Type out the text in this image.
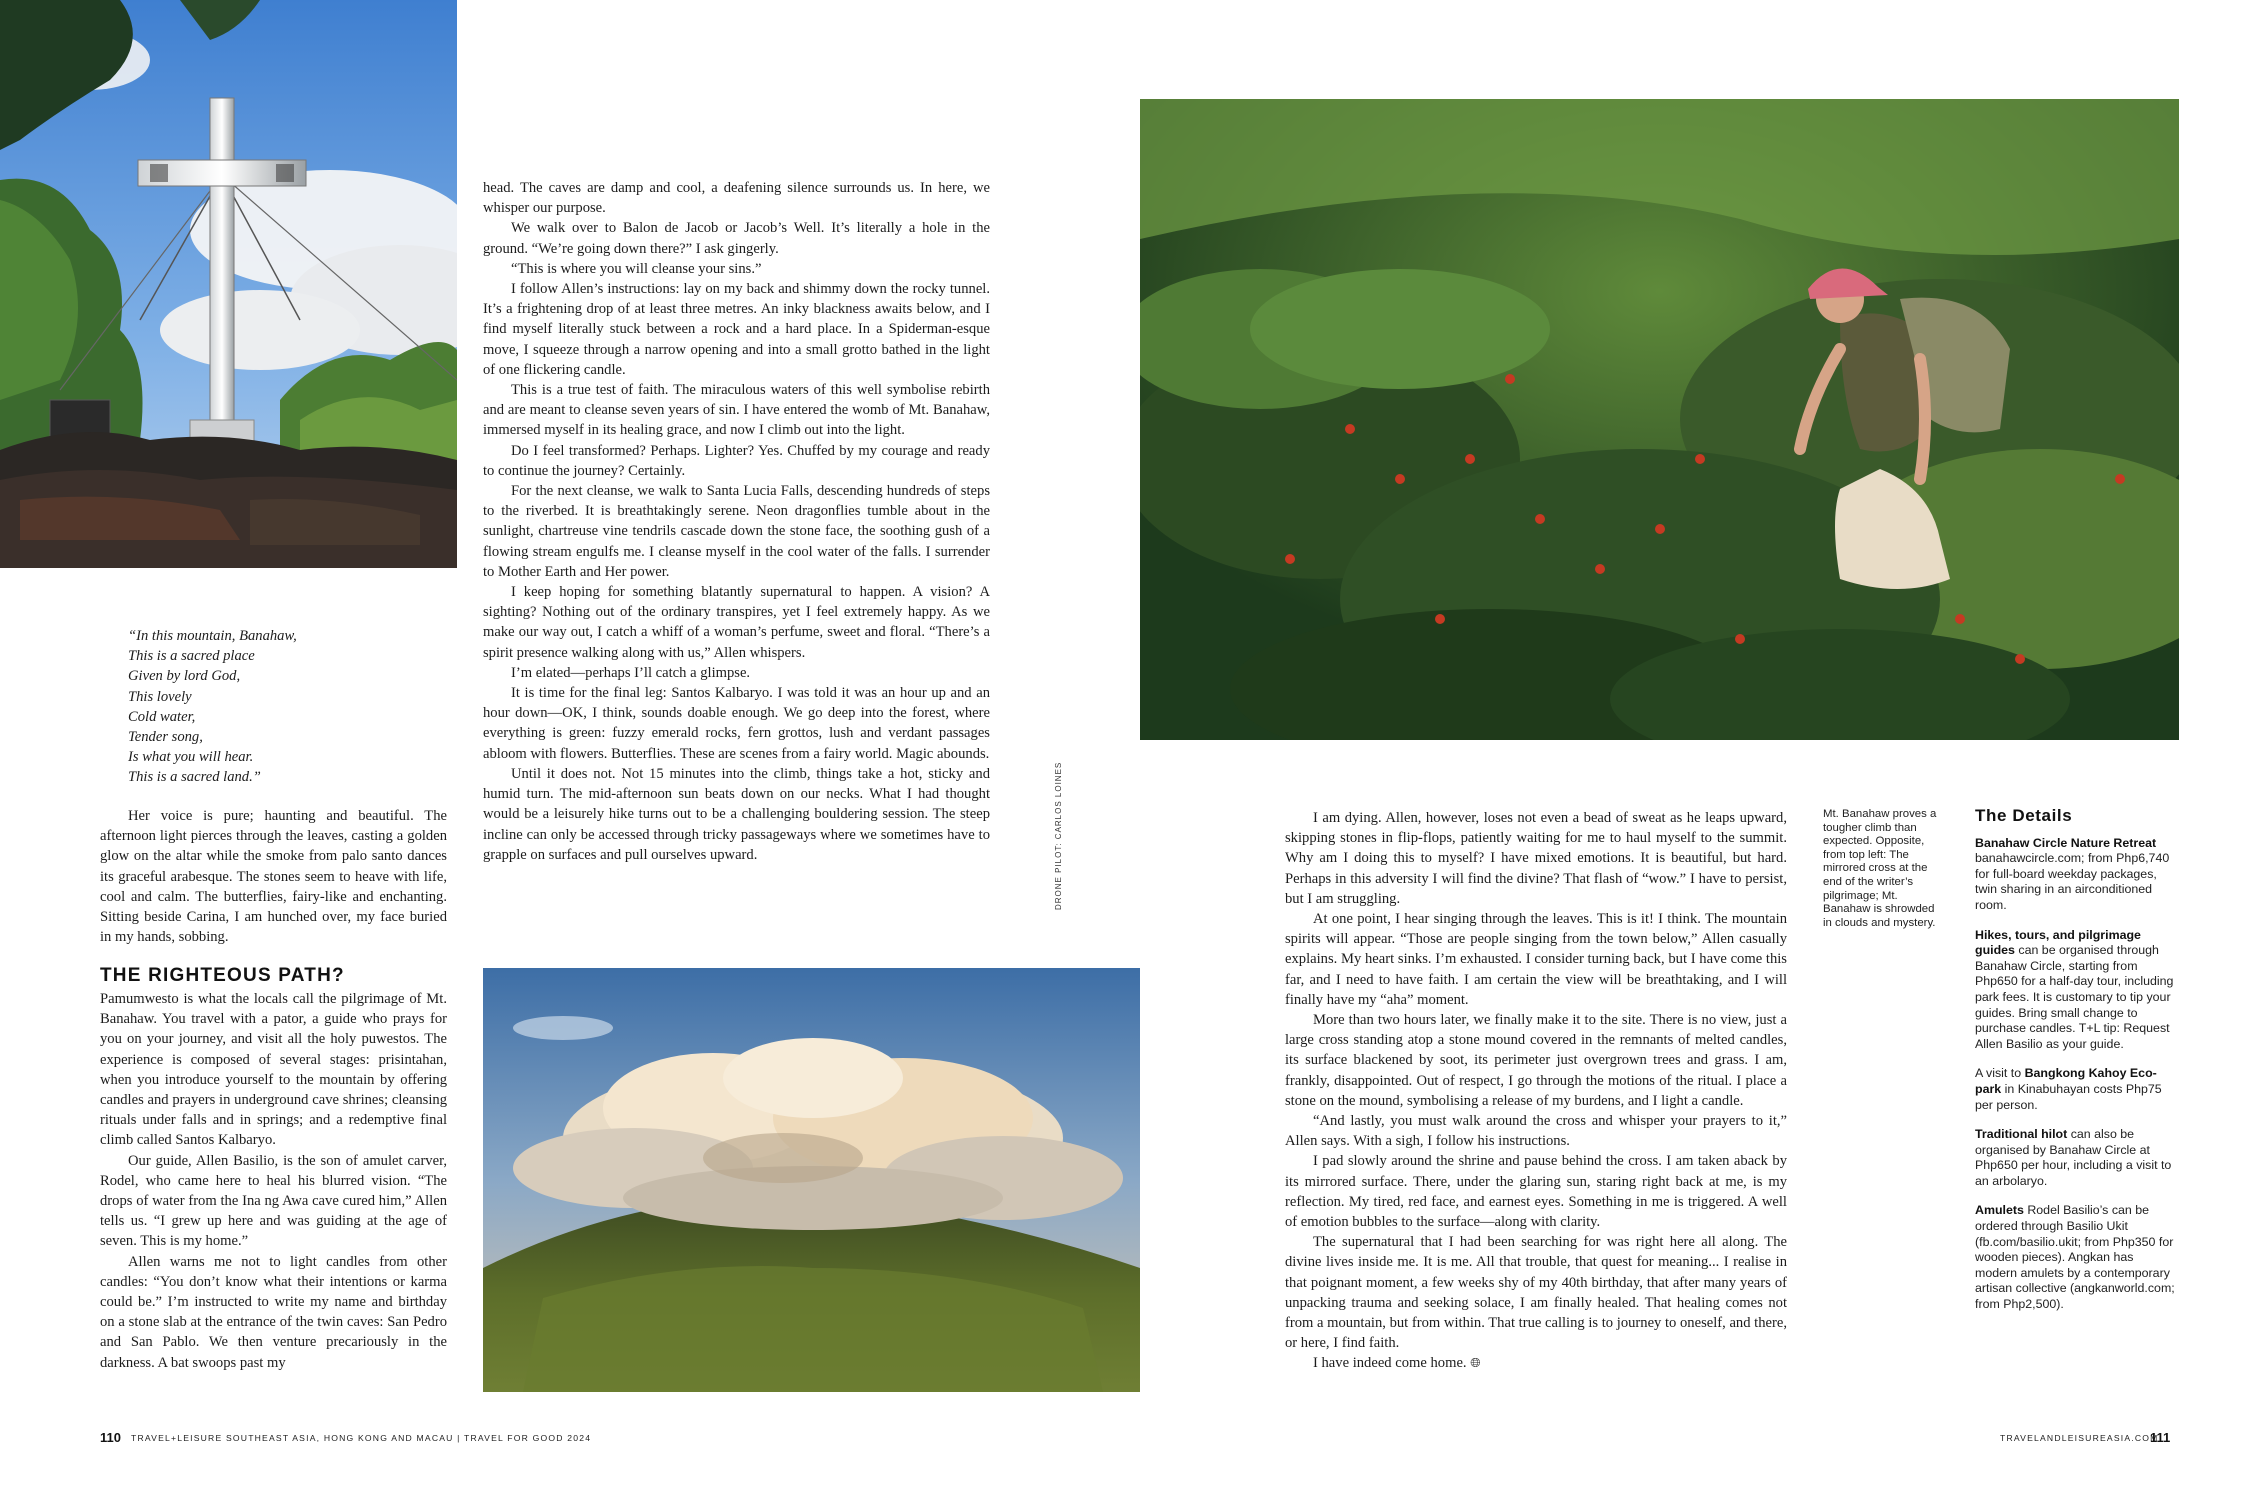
“In this mountain, Banahaw,
This is a sacred place
Given by lord God,
This lovely
Cold water,
Tender song,
Is what you will hear.
This is a sacred land.”

Her voice is pure; haunting and beautiful. The afternoon light pierces through the leaves, casting a golden glow on the altar while the smoke from palo santo dances its graceful arabesque. The stones seem to heave with life, cool and calm. The butterflies, fairy-like and enchanting. Sitting beside Carina, I am hunched over, my face buried in my hands, sobbing.

THE RIGHTEOUS PATH?

Pamumwesto is what the locals call the pilgrimage of Mt. Banahaw. You travel with a pator, a guide who prays for you on your journey, and visit all the holy puwestos. The experience is composed of several stages: prisintahan, when you introduce yourself to the mountain by offering candles and prayers in underground cave shrines; cleansing rituals under falls and in springs; and a redemptive final climb called Santos Kalbaryo.

Our guide, Allen Basilio, is the son of amulet carver, Rodel, who came here to heal his blurred vision. “The drops of water from the Ina ng Awa cave cured him,” Allen tells us. “I grew up here and was guiding at the age of seven. This is my home.”

Allen warns me not to light candles from other candles: “You don’t know what their intentions or karma could be.” I’m instructed to write my name and birthday on a stone slab at the entrance of the twin caves: San Pedro and San Pablo. We then venture precariously in the darkness. A bat swoops past my

head. The caves are damp and cool, a deafening silence surrounds us. In here, we whisper our purpose.

We walk over to Balon de Jacob or Jacob’s Well. It’s literally a hole in the ground. “We’re going down there?” I ask gingerly.

“This is where you will cleanse your sins.”

I follow Allen’s instructions: lay on my back and shimmy down the rocky tunnel. It’s a frightening drop of at least three metres. An inky blackness awaits below, and I find myself literally stuck between a rock and a hard place. In a Spiderman-esque move, I squeeze through a narrow opening and into a small grotto bathed in the light of one flickering candle.

This is a true test of faith. The miraculous waters of this well symbolise rebirth and are meant to cleanse seven years of sin. I have entered the womb of Mt. Banahaw, immersed myself in its healing grace, and now I climb out into the light.

Do I feel transformed? Perhaps. Lighter? Yes. Chuffed by my courage and ready to continue the journey? Certainly.

For the next cleanse, we walk to Santa Lucia Falls, descending hundreds of steps to the riverbed. It is breathtakingly serene. Neon dragonflies tumble about in the sunlight, chartreuse vine tendrils cascade down the stone face, the soothing gush of a flowing stream engulfs me. I cleanse myself in the cool water of the falls. I surrender to Mother Earth and Her power.

I keep hoping for something blatantly supernatural to happen. A vision? A sighting? Nothing out of the ordinary transpires, yet I feel extremely happy. As we make our way out, I catch a whiff of a woman’s perfume, sweet and floral. “There’s a spirit presence walking along with us,” Allen whispers.

I’m elated—perhaps I’ll catch a glimpse.

It is time for the final leg: Santos Kalbaryo. I was told it was an hour up and an hour down—OK, I think, sounds doable enough. We go deep into the forest, where everything is green: fuzzy emerald rocks, fern grottos, lush and verdant passages abloom with flowers. Butterflies. These are scenes from a fairy world. Magic abounds.

Until it does not. Not 15 minutes into the climb, things take a hot, sticky and humid turn. The mid-afternoon sun beats down on our necks. What I had thought would be a leisurely hike turns out to be a challenging bouldering session. The steep incline can only be accessed through tricky passageways where we sometimes have to grapple on surfaces and pull ourselves upward.	DRONE PILOT: CARLOS LOINES
110 TRAVEL+LEISURE SOUTHEAST ASIA, HONG KONG AND MACAU | TRAVEL FOR GOOD 2024

I am dying. Allen, however, loses not even a bead of sweat as he leaps upward, skipping stones in flip-flops, patiently waiting for me to haul myself to the summit. Why am I doing this to myself? I have mixed emotions. It is beautiful, but hard. Perhaps in this adversity I will find the divine? That flash of “wow.” I have to persist, but I am struggling.

At one point, I hear singing through the leaves. This is it! I think. The mountain spirits will appear. “Those are people singing from the town below,” Allen casually explains. My heart sinks. I’m exhausted. I consider turning back, but I have come this far, and I need to have faith. I am certain the view will be breathtaking, and I will finally have my “aha” moment.

More than two hours later, we finally make it to the site. There is no view, just a large cross standing atop a stone mound covered in the remnants of melted candles, its surface blackened by soot, its perimeter just overgrown trees and grass. I am, frankly, disappointed. Out of respect, I go through the motions of the ritual. I place a stone on the mound, symbolising a release of my burdens, and I light a candle.

“And lastly, you must walk around the cross and whisper your prayers to it,” Allen says. With a sigh, I follow his instructions.

I pad slowly around the shrine and pause behind the cross. I am taken aback by its mirrored surface. There, under the glaring sun, staring right back at me, is my reflection. My tired, red face, and earnest eyes. Something in me is triggered. A well of emotion bubbles to the surface—along with clarity.

The supernatural that I had been searching for was right here all along. The divine lives inside me. It is me. All that trouble, that quest for meaning... I realise in that poignant moment, a few weeks shy of my 40th birthday, that after many years of unpacking trauma and seeking solace, I am finally healed. That healing comes not from a mountain, but from within. That true calling is to journey to oneself, and there, or here, I find faith.

I have indeed come home. 🌐︎

Mt. Banahaw proves a tougher climb than expected. Opposite, from top left: The mirrored cross at the end of the writer’s pilgrimage; Mt. Banahaw is shrowded in clouds and mystery.
The Details
Banahaw Circle Nature Retreat banahawcircle.com; from Php6,740 for full-board weekday packages, twin sharing in an airconditioned room.
Hikes, tours, and pilgrimage guides can be organised through Banahaw Circle, starting from Php650 for a half-day tour, including park fees. It is customary to tip your guides. Bring small change to purchase candles. T+L tip: Request Allen Basilio as your guide.
A visit to Bangkong Kahoy Eco-park in Kinabuhayan costs Php75 per person.
Traditional hilot can also be organised by Banahaw Circle at Php650 per hour, including a visit to an arbolaryo.
Amulets Rodel Basilio’s can be ordered through Basilio Ukit (fb.com/basilio.ukit; from Php350 for wooden pieces). Angkan has modern amulets by a contemporary artisan collective (angkanworld.com; from Php2,500).
TRAVELANDLEISUREASIA.COM
111
